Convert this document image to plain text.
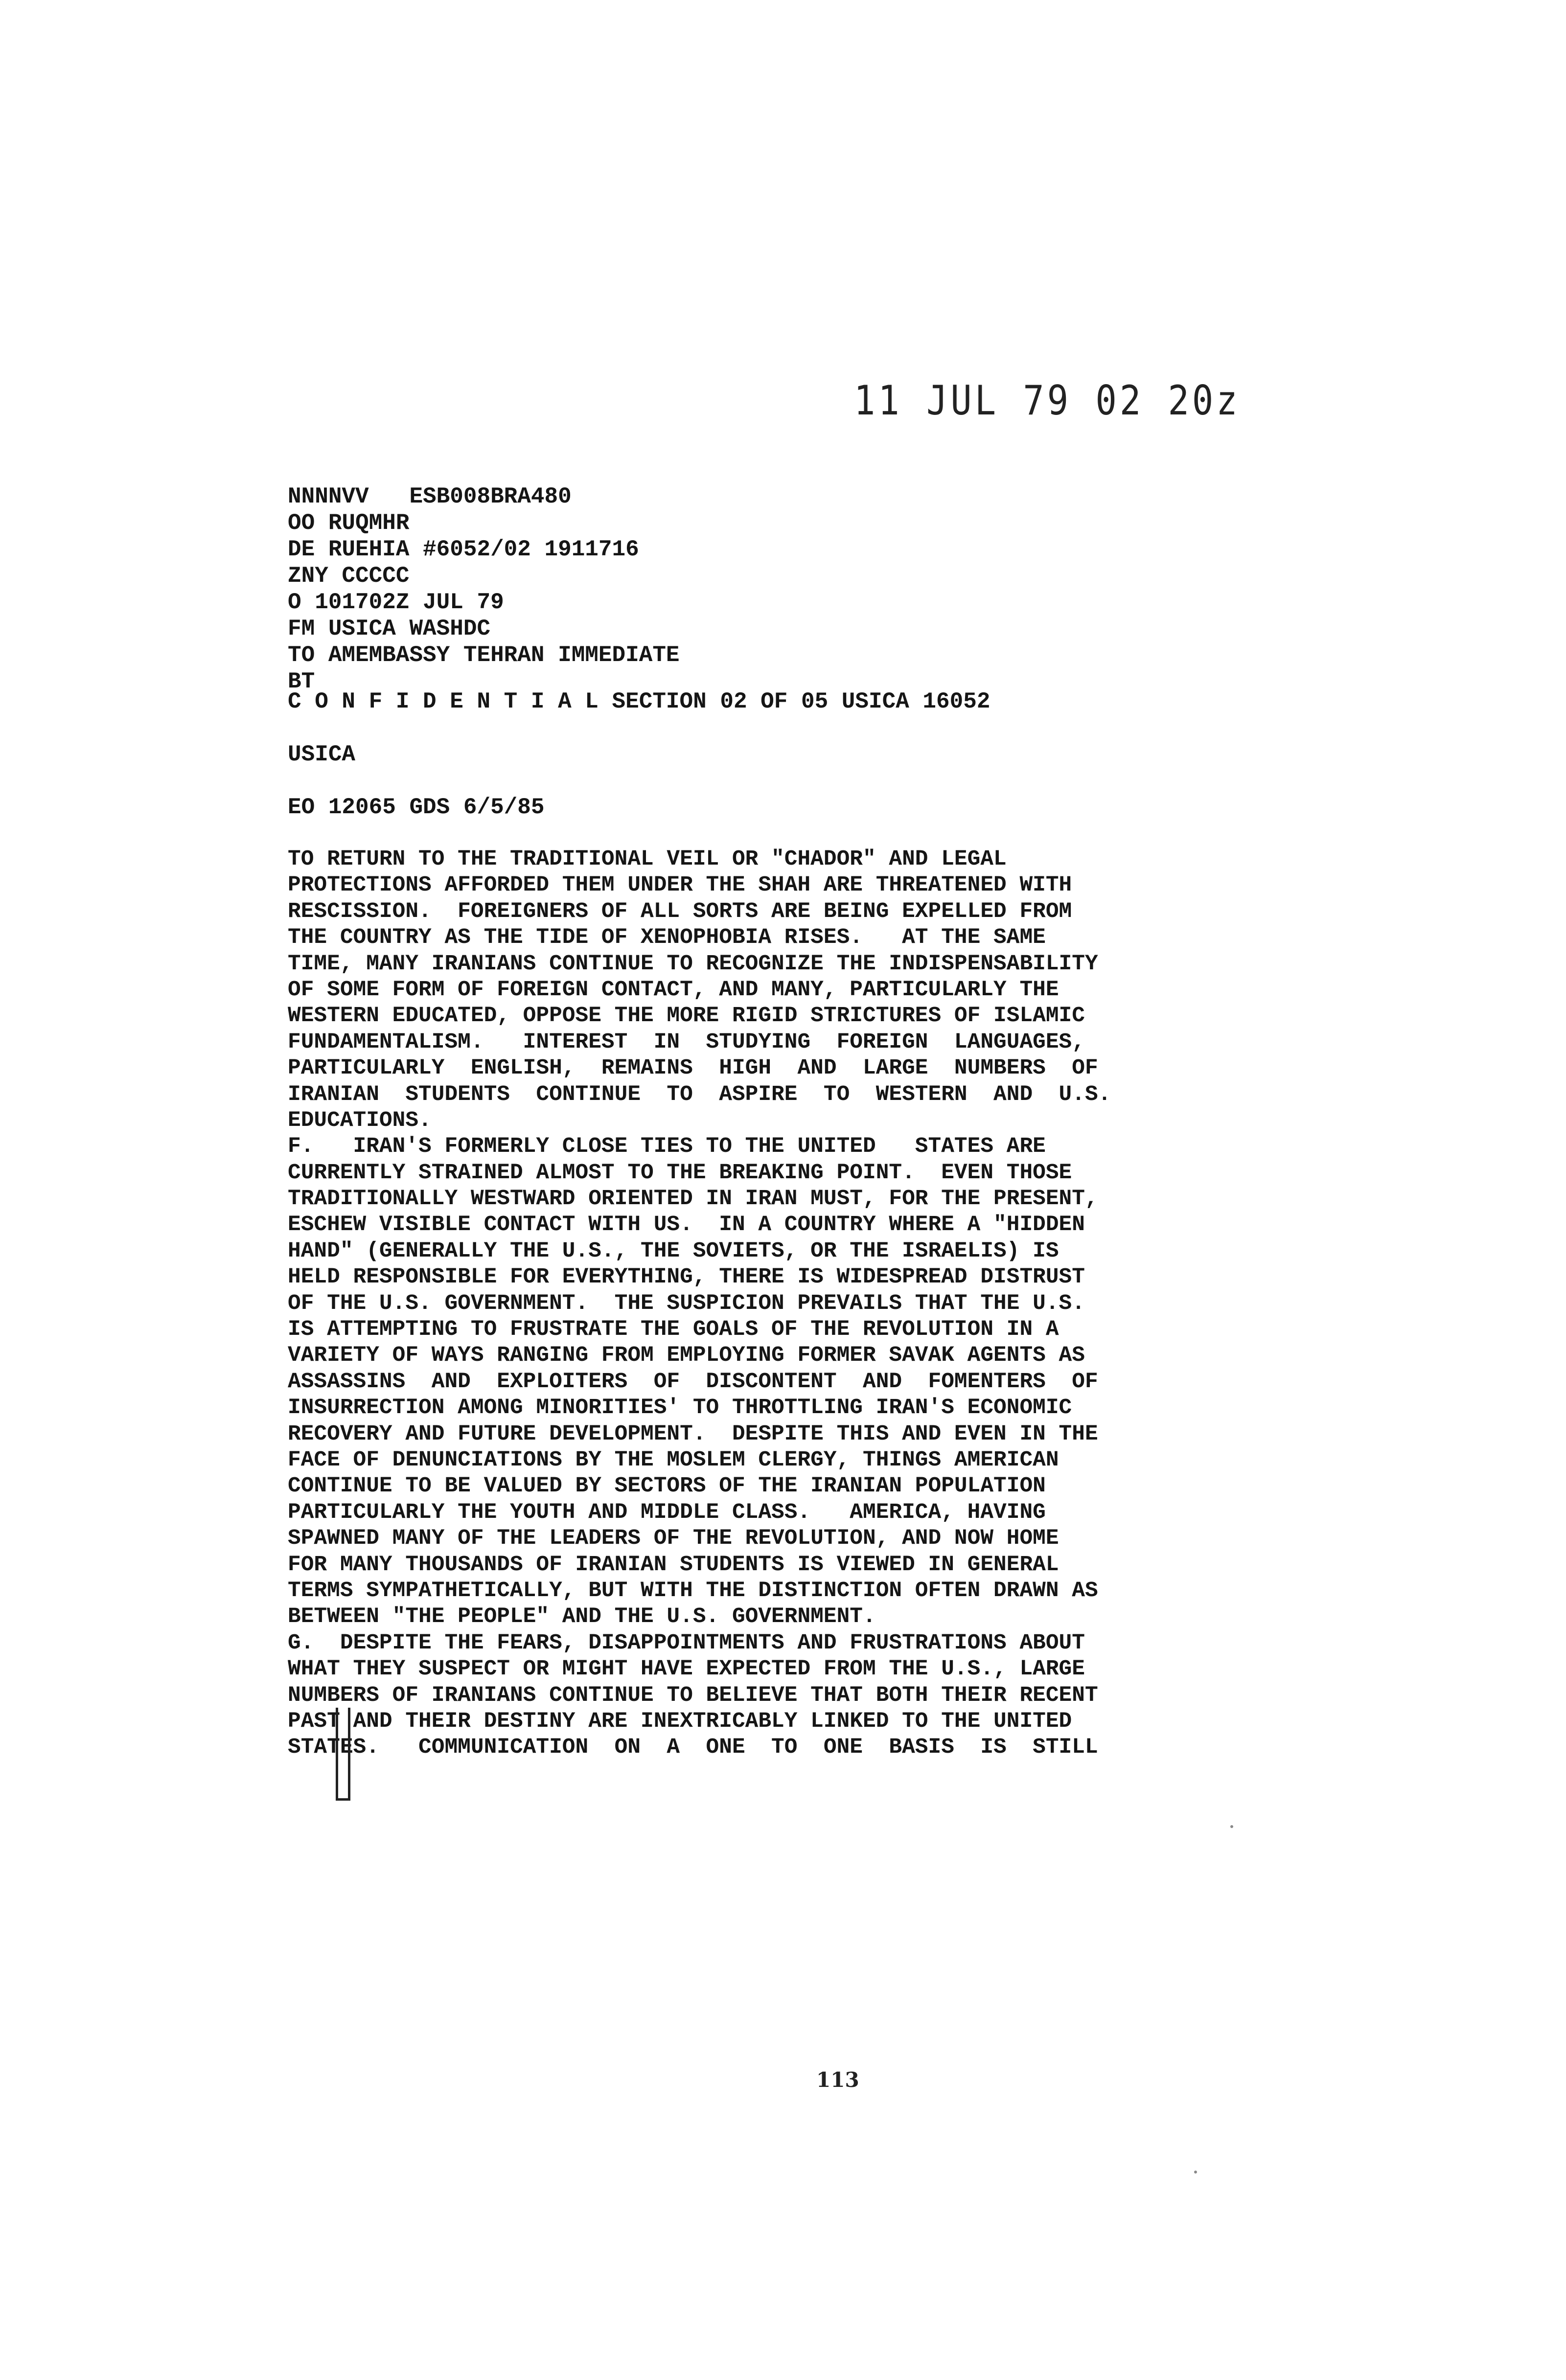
11 JUL 79 02 20z
NNNNVV   ESB008BRA480
OO RUQMHR
DE RUEHIA #6052/02 1911716
ZNY CCCCC
O 101702Z JUL 79
FM USICA WASHDC
TO AMEMBASSY TEHRAN IMMEDIATE
BT
C O N F I D E N T I A L SECTION 02 OF 05 USICA 16052
USICA
EO 12065 GDS 6/5/85
TO RETURN TO THE TRADITIONAL VEIL OR "CHADOR" AND LEGAL
PROTECTIONS AFFORDED THEM UNDER THE SHAH ARE THREATENED WITH
RESCISSION.  FOREIGNERS OF ALL SORTS ARE BEING EXPELLED FROM
THE COUNTRY AS THE TIDE OF XENOPHOBIA RISES.   AT THE SAME
TIME, MANY IRANIANS CONTINUE TO RECOGNIZE THE INDISPENSABILITY
OF SOME FORM OF FOREIGN CONTACT, AND MANY, PARTICULARLY THE
WESTERN EDUCATED, OPPOSE THE MORE RIGID STRICTURES OF ISLAMIC
FUNDAMENTALISM.   INTEREST  IN  STUDYING  FOREIGN  LANGUAGES,
PARTICULARLY  ENGLISH,  REMAINS  HIGH  AND  LARGE  NUMBERS  OF
IRANIAN  STUDENTS  CONTINUE  TO  ASPIRE  TO  WESTERN  AND  U.S.
EDUCATIONS.
F.   IRAN'S FORMERLY CLOSE TIES TO THE UNITED   STATES ARE
CURRENTLY STRAINED ALMOST TO THE BREAKING POINT.  EVEN THOSE
TRADITIONALLY WESTWARD ORIENTED IN IRAN MUST, FOR THE PRESENT,
ESCHEW VISIBLE CONTACT WITH US.  IN A COUNTRY WHERE A "HIDDEN
HAND" (GENERALLY THE U.S., THE SOVIETS, OR THE ISRAELIS) IS
HELD RESPONSIBLE FOR EVERYTHING, THERE IS WIDESPREAD DISTRUST
OF THE U.S. GOVERNMENT.  THE SUSPICION PREVAILS THAT THE U.S.
IS ATTEMPTING TO FRUSTRATE THE GOALS OF THE REVOLUTION IN A
VARIETY OF WAYS RANGING FROM EMPLOYING FORMER SAVAK AGENTS AS
ASSASSINS  AND  EXPLOITERS  OF  DISCONTENT  AND  FOMENTERS  OF
INSURRECTION AMONG MINORITIES' TO THROTTLING IRAN'S ECONOMIC
RECOVERY AND FUTURE DEVELOPMENT.  DESPITE THIS AND EVEN IN THE
FACE OF DENUNCIATIONS BY THE MOSLEM CLERGY, THINGS AMERICAN
CONTINUE TO BE VALUED BY SECTORS OF THE IRANIAN POPULATION
PARTICULARLY THE YOUTH AND MIDDLE CLASS.   AMERICA, HAVING
SPAWNED MANY OF THE LEADERS OF THE REVOLUTION, AND NOW HOME
FOR MANY THOUSANDS OF IRANIAN STUDENTS IS VIEWED IN GENERAL
TERMS SYMPATHETICALLY, BUT WITH THE DISTINCTION OFTEN DRAWN AS
BETWEEN "THE PEOPLE" AND THE U.S. GOVERNMENT.
G.  DESPITE THE FEARS, DISAPPOINTMENTS AND FRUSTRATIONS ABOUT
WHAT THEY SUSPECT OR MIGHT HAVE EXPECTED FROM THE U.S., LARGE
NUMBERS OF IRANIANS CONTINUE TO BELIEVE THAT BOTH THEIR RECENT
PAST AND THEIR DESTINY ARE INEXTRICABLY LINKED TO THE UNITED
STATES.   COMMUNICATION  ON  A  ONE  TO  ONE  BASIS  IS  STILL
113
